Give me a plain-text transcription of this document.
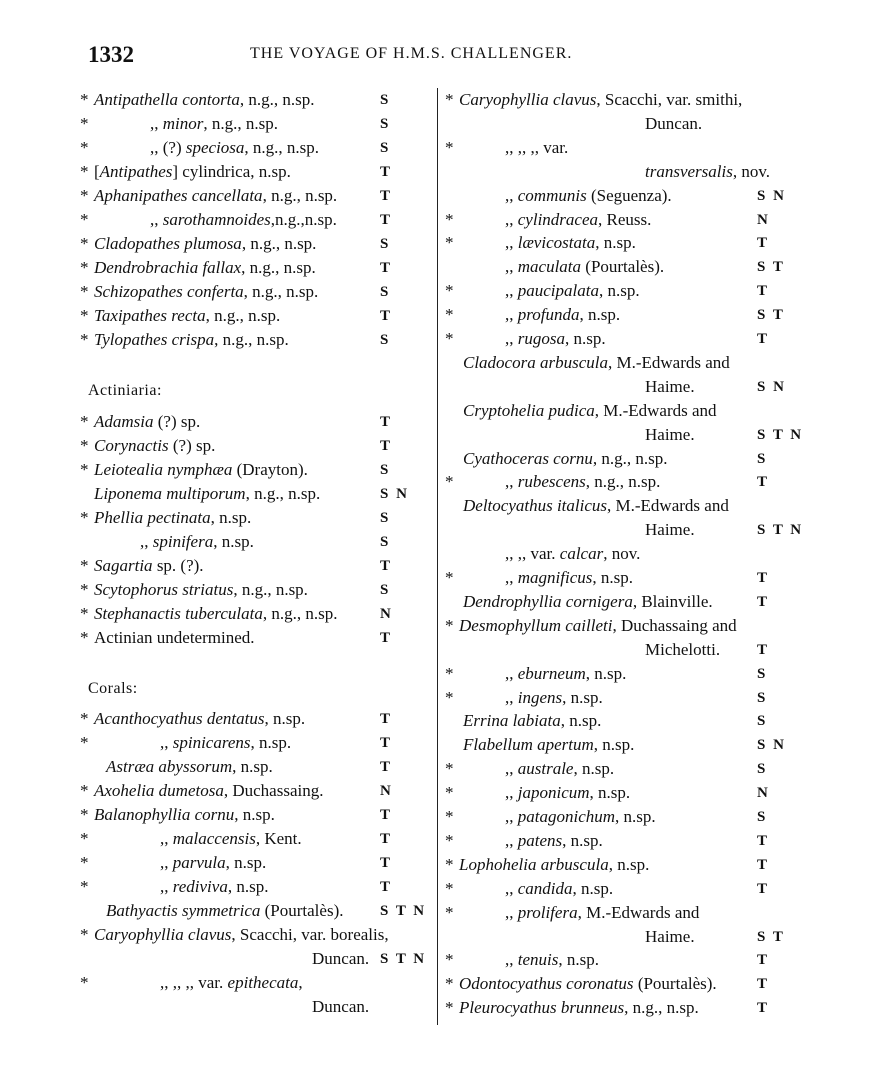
1332	THE VOYAGE OF H.M.S. CHALLENGER.
Actiniaria:
Corals:
* Antipathella contorta, n.g., n.sp.	S
*	,, minor, n.g., n.sp.	S
*	,, (?) speciosa, n.g., n.sp.	S
* [Antipathes] cylindrica, n.sp.	T
* Aphanipathes cancellata, n.g., n.sp.	T
*	,, sarothamnoides,n.g.,n.sp.	T
* Cladopathes plumosa, n.g., n.sp.	S
* Dendrobrachia fallax, n.g., n.sp.	T
* Schizopathes conferta, n.g., n.sp.	S
* Taxipathes recta, n.g., n.sp.	T
* Tylopathes crispa, n.g., n.sp.	S
* Adamsia (?) sp.	T
* Corynactis (?) sp.	T
* Leiotealia nymphæa (Drayton).	S
Liponema multiporum, n.g., n.sp.	S N
* Phellia pectinata, n.sp.	S
,, spinifera, n.sp.	S
* Sagartia sp. (?).	T
* Scytophorus striatus, n.g., n.sp.	S
* Stephanactis tuberculata, n.g., n.sp.	N
* Actinian undetermined.	T
* Acanthocyathus dentatus, n.sp.	T
*	,, spinicarens, n.sp.	T
Astræa abyssorum, n.sp.	T
* Axohelia dumetosa, Duchassaing.	N
* Balanophyllia cornu, n.sp.	T
*	,, malaccensis, Kent.	T
*	,, parvula, n.sp.	T
*	,, rediviva, n.sp.	T
Bathyactis symmetrica (Pourtalès). S T N
* Caryophyllia clavus, Scacchi, var. borealis,
Duncan. S T N
*	,, ,, ,, var. epithecata,
Duncan.
* Caryophyllia clavus, Scacchi, var. smithi,
Duncan.
*	,, ,, ,, var.
transversalis, nov.
,, communis (Seguenza).	S N
*	,, cylindracea, Reuss.	N
*	,, lævicostata, n.sp.	T
,, maculata (Pourtalès).	S T
*	,, paucipalata, n.sp.	T
*	,, profunda, n.sp.	S T
*	,, rugosa, n.sp.	T
Cladocora arbuscula, M.-Edwards and
Haime.	S N
Cryptohelia pudica, M.-Edwards and
Haime.	S T N
Cyathoceras cornu, n.g., n.sp.	S
*	,, rubescens, n.g., n.sp.	T
Deltocyathus italicus, M.-Edwards and
Haime.	S T N
,, ,, var. calcar, nov.
*	,, magnificus, n.sp.	T
Dendrophyllia cornigera, Blainville.	T
* Desmophyllum cailleti, Duchassaing and
Michelotti. T
*	,, eburneum, n.sp.	S
*	,, ingens, n.sp.	S
Errina labiata, n.sp.	S
Flabellum apertum, n.sp.	S N
*	,, australe, n.sp.	S
*	,, japonicum, n.sp.	N
*	,, patagonichum, n.sp.	S
*	,, patens, n.sp.	T
* Lophohelia arbuscula, n.sp.	T
*	,, candida, n.sp.	T
*	,, prolifera, M.-Edwards and
Haime.	S T
*	,, tenuis, n.sp.	T
* Odontocyathus coronatus (Pourtalès).	T
* Pleurocyathus brunneus, n.g., n.sp.	T
